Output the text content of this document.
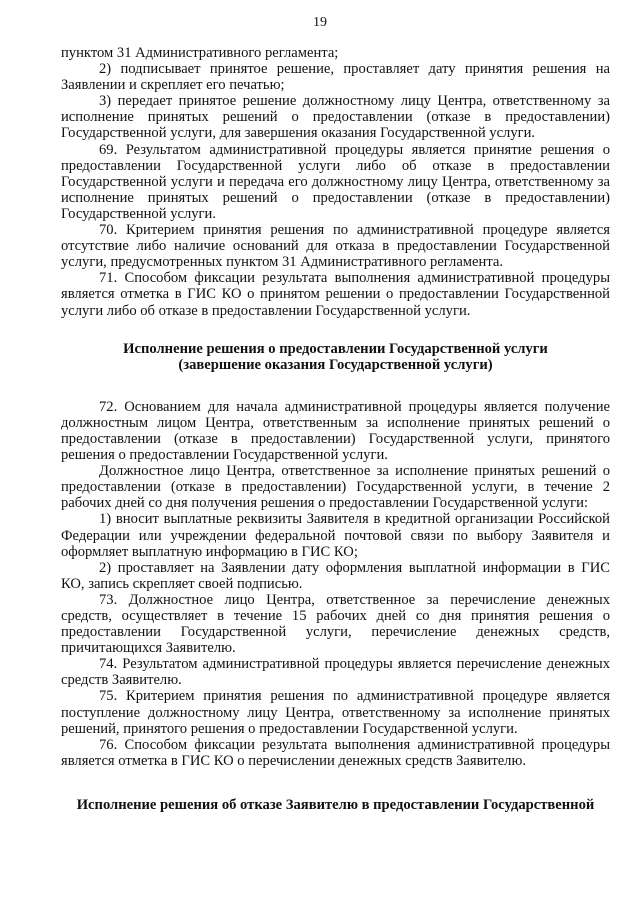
19

пунктом 31 Административного регламента;

2) подписывает принятое решение, проставляет дату принятия решения на Заявлении и скрепляет его печатью;

3) передает принятое решение должностному лицу Центра, ответственному за исполнение принятых решений о предоставлении (отказе в предоставлении) Государственной услуги, для завершения оказания Государственной услуги.

69. Результатом административной процедуры является принятие решения о предоставлении Государственной услуги либо об отказе в предоставлении Государственной услуги и передача его должностному лицу Центра, ответственному за исполнение принятых решений о предоставлении (отказе в предоставлении) Государственной услуги.

70. Критерием принятия решения по административной процедуре является отсутствие либо наличие оснований для отказа в предоставлении Государственной услуги, предусмотренных пунктом 31 Административного регламента.

71. Способом фиксации результата выполнения административной процедуры является отметка в ГИС КО о принятом решении о предоставлении Государственной услуги либо об отказе в предоставлении Государственной услуги.

Исполнение решения о предоставлении Государственной услуги

(завершение оказания Государственной услуги)

72. Основанием для начала административной процедуры является получение должностным лицом Центра, ответственным за исполнение принятых решений о предоставлении (отказе в предоставлении) Государственной услуги, принятого решения о предоставлении Государственной услуги.

Должностное лицо Центра, ответственное за исполнение принятых решений о предоставлении (отказе в предоставлении) Государственной услуги, в течение 2 рабочих дней со дня получения решения о предоставлении Государственной услуги:

1) вносит выплатные реквизиты Заявителя в кредитной организации Российской Федерации или учреждении федеральной почтовой связи по выбору Заявителя и оформляет выплатную информацию в ГИС КО;

2) проставляет на Заявлении дату оформления выплатной информации в ГИС КО, запись скрепляет своей подписью.

73. Должностное лицо Центра, ответственное за перечисление денежных средств, осуществляет в течение 15 рабочих дней со дня принятия решения о предоставлении Государственной услуги, перечисление денежных средств, причитающихся Заявителю.

74. Результатом административной процедуры является перечисление денежных средств Заявителю.

75. Критерием принятия решения по административной процедуре является поступление должностному лицу Центра, ответственному за исполнение принятых решений, принятого решения о предоставлении Государственной услуги.

76. Способом фиксации результата выполнения административной процедуры является отметка в ГИС КО о перечислении денежных средств Заявителю.

Исполнение решения об отказе Заявителю в предоставлении Государственной
